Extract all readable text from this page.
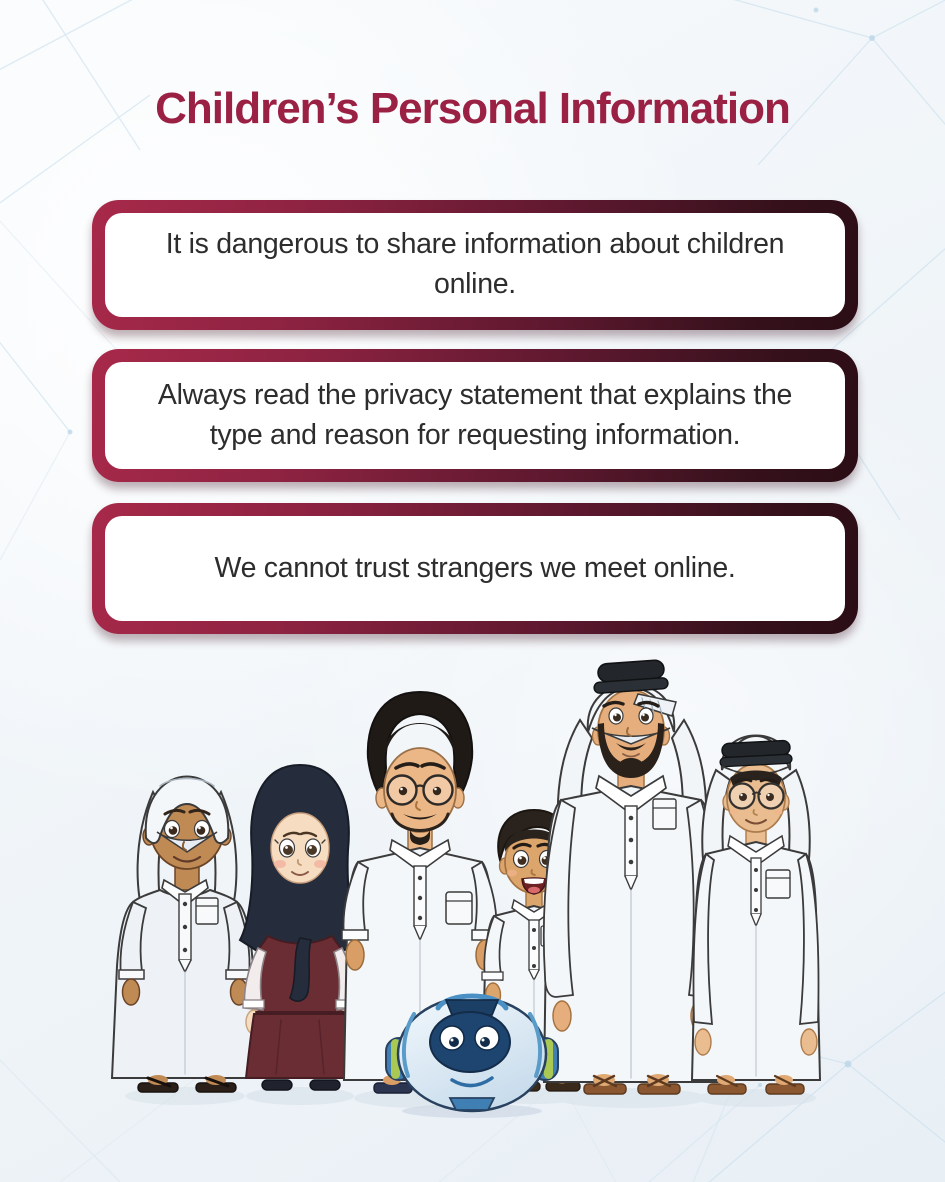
Children’s Personal Information

It is dangerous to share information about children online.

Always read the privacy statement that explains the type and reason for requesting information.

We cannot trust strangers we meet online.
